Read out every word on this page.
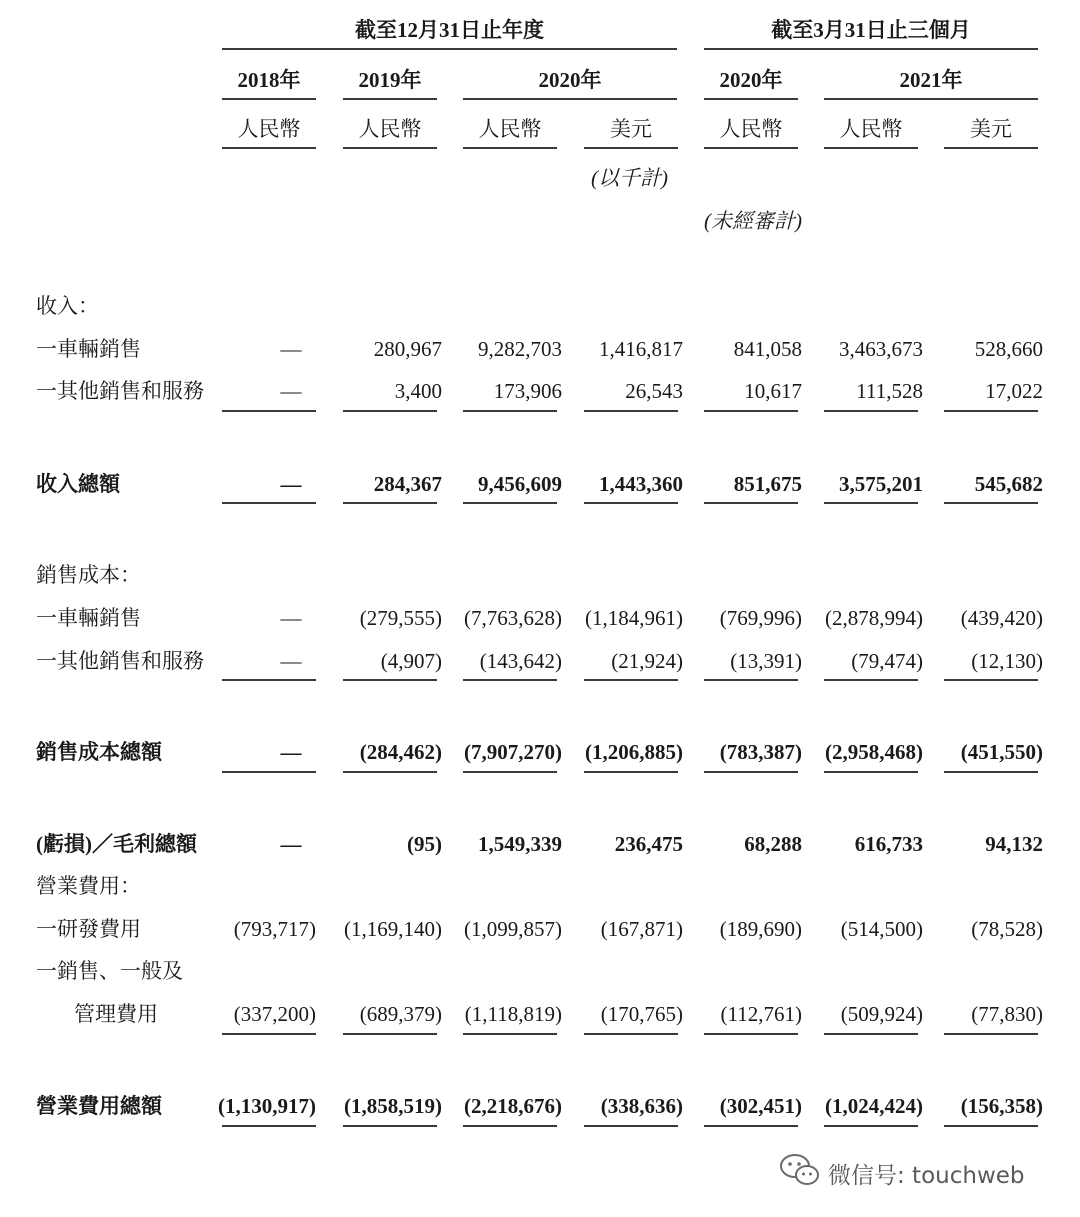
截至12月31日止年度	截至3月31日止三個月
2018年	2019年	2020年	2020年	2021年
人民幣	人民幣	人民幣	美元	人民幣	人民幣	美元
(以千計)
(未經審計)
收入：
一車輛銷售	—	280,967	9,282,703	1,416,817	841,058	3,463,673	528,660
一其他銷售和服務	—	3,400	173,906	26,543	10,617	111,528	17,022
收入總額	—	284,367	9,456,609	1,443,360	851,675	3,575,201	545,682
銷售成本：
一車輛銷售	—	(279,555)	(7,763,628)	(1,184,961)	(769,996)	(2,878,994)	(439,420)
一其他銷售和服務	—	(4,907)	(143,642)	(21,924)	(13,391)	(79,474)	(12,130)
銷售成本總額	—	(284,462)	(7,907,270)	(1,206,885)	(783,387)	(2,958,468)	(451,550)
(虧損)／毛利總額	—	(95)	1,549,339	236,475	68,288	616,733	94,132
營業費用：
一研發費用	(793,717)	(1,169,140)	(1,099,857)	(167,871)	(189,690)	(514,500)	(78,528)
一銷售、一般及
管理費用	(337,200)	(689,379)	(1,118,819)	(170,765)	(112,761)	(509,924)	(77,830)
營業費用總額	(1,130,917)	(1,858,519)	(2,218,676)	(338,636)	(302,451)	(1,024,424)	(156,358)
微信号: touchweb
